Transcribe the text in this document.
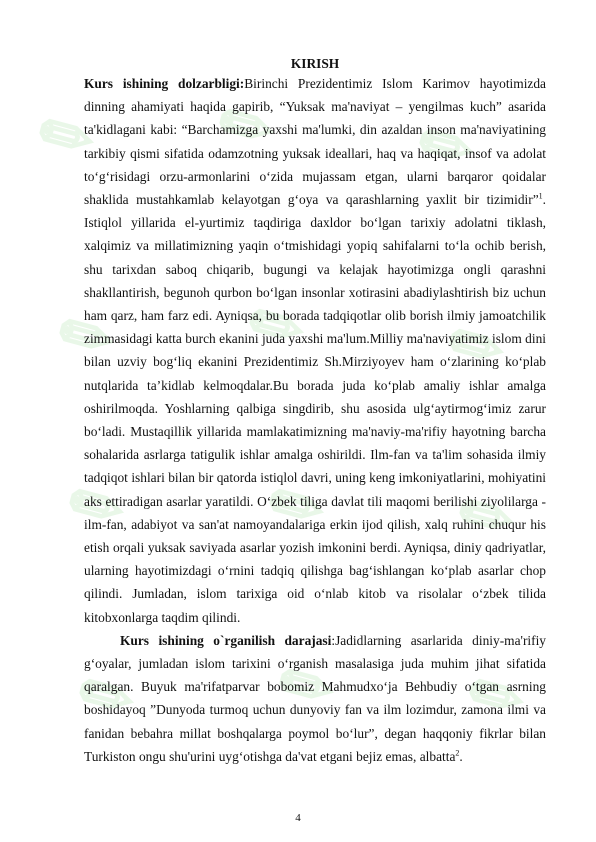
✎ ✎ ✎
✎ ✎ ✎
✎ ✎ ✎
✎ ✎ ✎
KIRISH

Kurs ishining dolzarbligi:Birinchi Prezidentimiz Islom Karimov hayotimizda dinning ahamiyati haqida gapirib, “Yuksak ma'naviyat – yengilmas kuch” asarida ta'kidlagani kabi: “Barchamizga yaxshi ma'lumki, din azaldan inson ma'naviyatining tarkibiy qismi sifatida odamzotning yuksak ideallari, haq va haqiqat, insof va adolat to‘g‘risidagi orzu-armonlarini o‘zida mujassam etgan, ularni barqaror qoidalar shaklida mustahkamlab kelayotgan g‘oya va qarashlarning yaxlit bir tizimidir”$^1$. Istiqlol yillarida el-yurtimiz taqdiriga daxldor bo‘lgan tarixiy adolatni tiklash, xalqimiz va millatimizning yaqin o‘tmishidagi yopiq sahifalarni to‘la ochib berish, shu tarixdan saboq chiqarib, bugungi va kelajak hayotimizga ongli qarashni shakllantirish, begunoh qurbon bo‘lgan insonlar xotirasini abadiylashtirish biz uchun ham qarz, ham farz edi. Ayniqsa, bu borada tadqiqotlar olib borish ilmiy jamoatchilik zimmasidagi katta burch ekanini juda yaxshi ma'lum.Milliy ma'naviyatimiz islom dini bilan uzviy bog‘liq ekanini Prezidentimiz Sh.Mirziyoyev ham o‘zlarining ko‘plab nutqlarida ta’kidlab kelmoqdalar.Bu borada juda ko‘plab amaliy ishlar amalga oshirilmoqda. Yoshlarning qalbiga singdirib, shu asosida ulg‘aytirmog‘imiz zarur bo‘ladi. Mustaqillik yillarida mamlakatimizning ma'naviy-ma'rifiy hayotning barcha sohalarida asrlarga tatigulik ishlar amalga oshirildi. Ilm-fan va ta'lim sohasida ilmiy tadqiqot ishlari bilan bir qatorda istiqlol davri, uning keng imkoniyatlarini, mohiyatini aks ettiradigan asarlar yaratildi. O‘zbek tiliga davlat tili maqomi berilishi ziyolilarga - ilm-fan, adabiyot va san'at namoyandalariga erkin ijod qilish, xalq ruhini chuqur his etish orqali yuksak saviyada asarlar yozish imkonini berdi. Ayniqsa, diniy qadriyatlar, ularning hayotimizdagi o‘rnini tadqiq qilishga bag‘ishlangan ko‘plab asarlar chop qilindi. Jumladan, islom tarixiga oid o‘nlab kitob va risolalar o‘zbek tilida kitobxonlarga taqdim qilindi.

Kurs ishining o`rganilish darajasi:Jadidlarning asarlarida diniy-ma'rifiy g‘oyalar, jumladan islom tarixini o‘rganish masalasiga juda muhim jihat sifatida qaralgan. Buyuk ma'rifatparvar bobomiz Mahmudxo‘ja Behbudiy o‘tgan asrning boshidayoq ”Dunyoda turmoq uchun dunyoviy fan va ilm lozimdur, zamona ilmi va fanidan bebahra millat boshqalarga poymol bo‘lur”, degan haqqoniy fikrlar bilan Turkiston ongu shu'urini uyg‘otishga da'vat etgani bejiz emas, albatta$^2$.

4
